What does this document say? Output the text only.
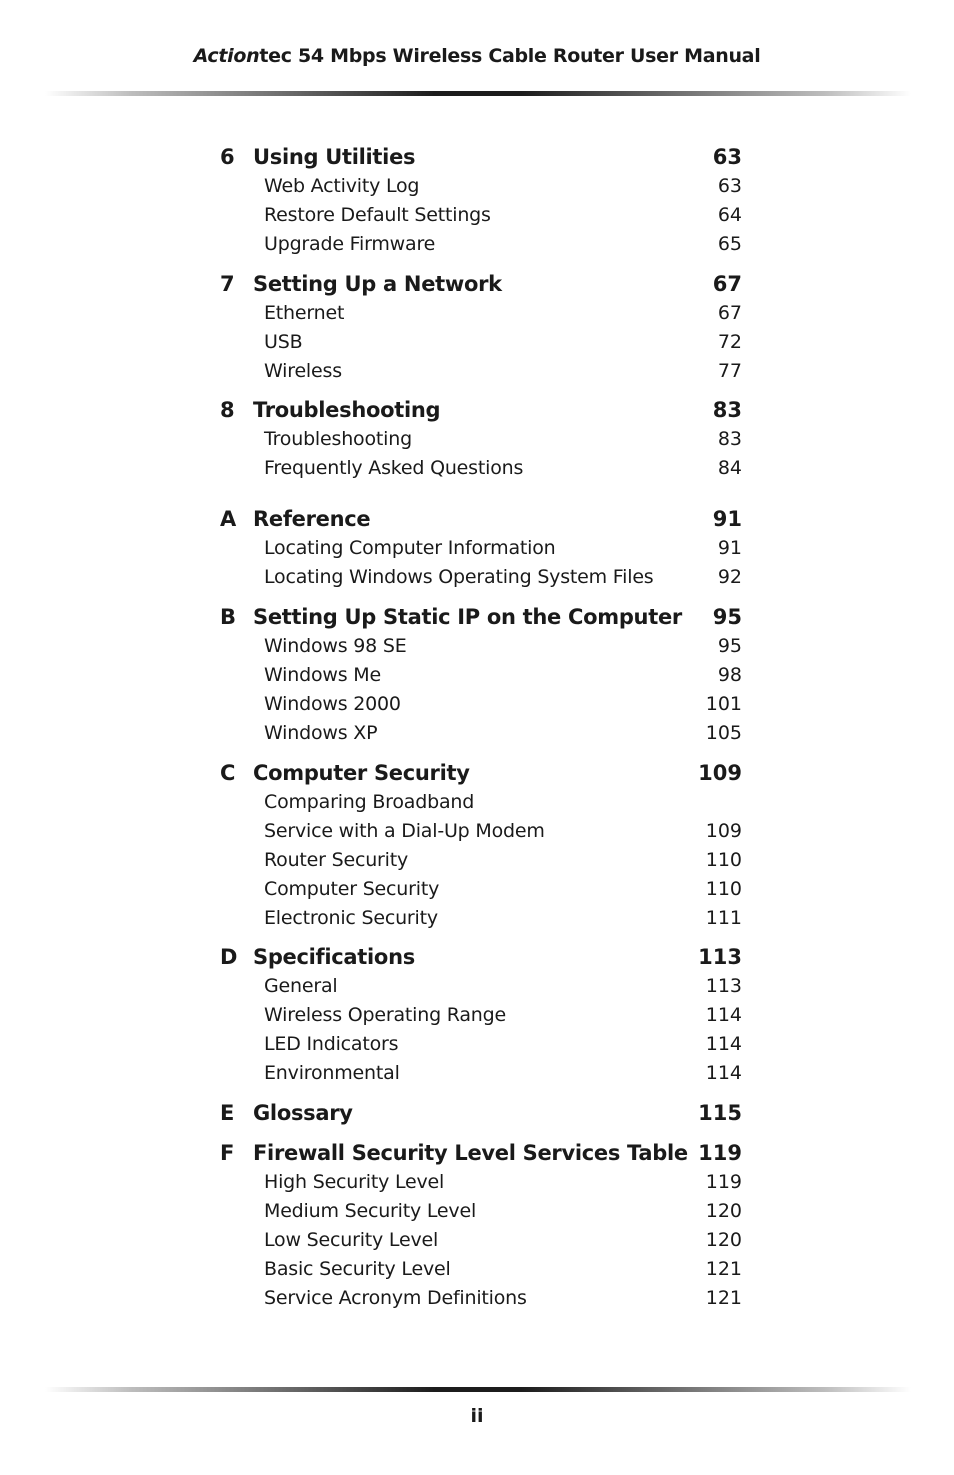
Actiontec 54 Mbps Wireless Cable Router User Manual
6 Using Utilities	63
Web Activity Log	63
Restore Default Settings	64
Upgrade Firmware	65
7 Setting Up a Network	67
Ethernet	67
USB	72
Wireless	77
8 Troubleshooting	83
Troubleshooting	83
Frequently Asked Questions	84
A Reference	91
Locating Computer Information	91
Locating Windows Operating System Files	92
B Setting Up Static IP on the Computer 95
Windows 98 SE	95
Windows Me	98
Windows 2000	101
Windows XP	105
C Computer Security	109
Comparing Broadband
Service with a Dial-Up Modem	109
Router Security	110
Computer Security	110
Electronic Security	111
D Specifications	113
General	113
Wireless Operating Range	114
LED Indicators	114
Environmental	114
E Glossary	115
F Firewall Security Level Services Table 119
High Security Level	119
Medium Security Level	120
Low Security Level	120
Basic Security Level	121
Service Acronym Definitions	121
ii
